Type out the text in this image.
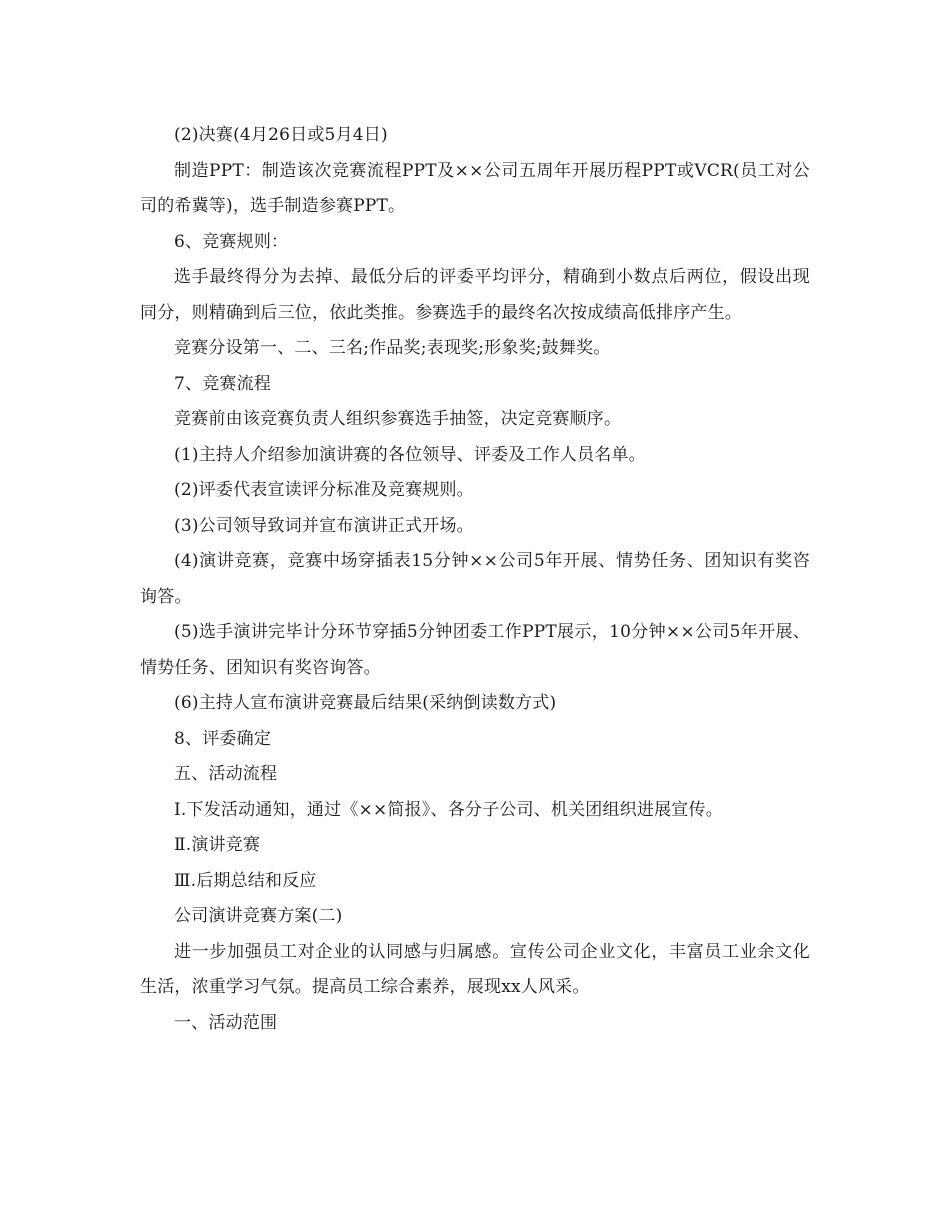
(2)决赛(4月26日或5月4日)

制造PPT：制造该次竞赛流程PPT及××公司五周年开展历程PPT或VCR(员工对公司的希冀等)，选手制造参赛PPT。

6、竞赛规则：

选手最终得分为去掉、最低分后的评委平均评分，精确到小数点后两位，假设出现同分，则精确到后三位，依此类推。参赛选手的最终名次按成绩高低排序产生。

竞赛分设第一、二、三名;作品奖;表现奖;形象奖;鼓舞奖。

7、竞赛流程

竞赛前由该竞赛负责人组织参赛选手抽签，决定竞赛顺序。

(1)主持人介绍参加演讲赛的各位领导、评委及工作人员名单。

(2)评委代表宣读评分标准及竞赛规则。

(3)公司领导致词并宣布演讲正式开场。

(4)演讲竞赛，竞赛中场穿插表15分钟××公司5年开展、情势任务、团知识有奖咨询答。

(5)选手演讲完毕计分环节穿插5分钟团委工作PPT展示，10分钟××公司5年开展、情势任务、团知识有奖咨询答。

(6)主持人宣布演讲竞赛最后结果(采纳倒读数方式)

8、评委确定

五、活动流程

Ⅰ.下发活动通知，通过《××简报》、各分子公司、机关团组织进展宣传。

Ⅱ.演讲竞赛

Ⅲ.后期总结和反应

公司演讲竞赛方案(二)

进一步加强员工对企业的认同感与归属感。宣传公司企业文化，丰富员工业余文化生活，浓重学习气氛。提高员工综合素养，展现xx人风采。

一、活动范围
